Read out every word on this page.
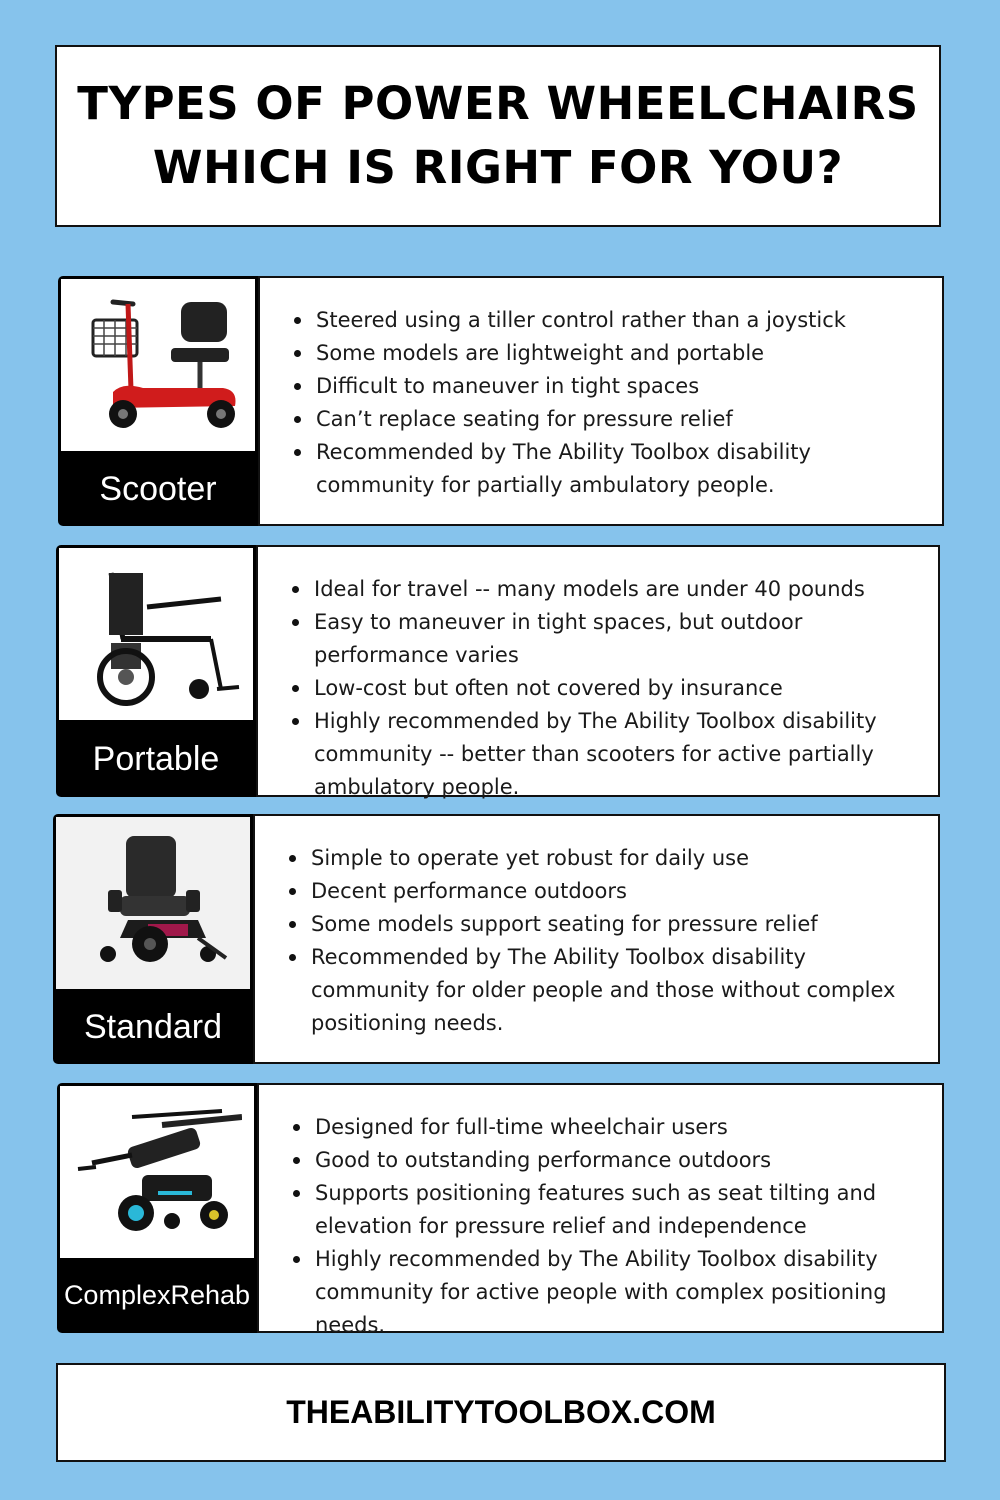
TYPES OF POWER WHEELCHAIRS
WHICH IS RIGHT FOR YOU?
Scooter
Steered using a tiller control rather than a joystick
Some models are lightweight and portable
Difficult to maneuver in tight spaces
Can’t replace seating for pressure relief
Recommended by The Ability Toolbox disability community for partially ambulatory people.
Portable
Ideal for travel -- many models are under 40 pounds
Easy to maneuver in tight spaces, but outdoor performance varies
Low-cost but often not covered by insurance
Highly recommended by The Ability Toolbox disability community -- better than scooters for active partially ambulatory people.
Standard
Simple to operate yet robust for daily use
Decent performance outdoors
Some models support seating for pressure relief
Recommended by The Ability Toolbox disability community for older people and those without complex positioning needs.
Complex Rehab
Designed for full-time wheelchair users
Good to outstanding performance outdoors
Supports positioning features such as seat tilting and elevation for pressure relief and independence
Highly recommended by The Ability Toolbox disability community for active people with complex positioning needs.
THEABILITYTOOLBOX.COM
